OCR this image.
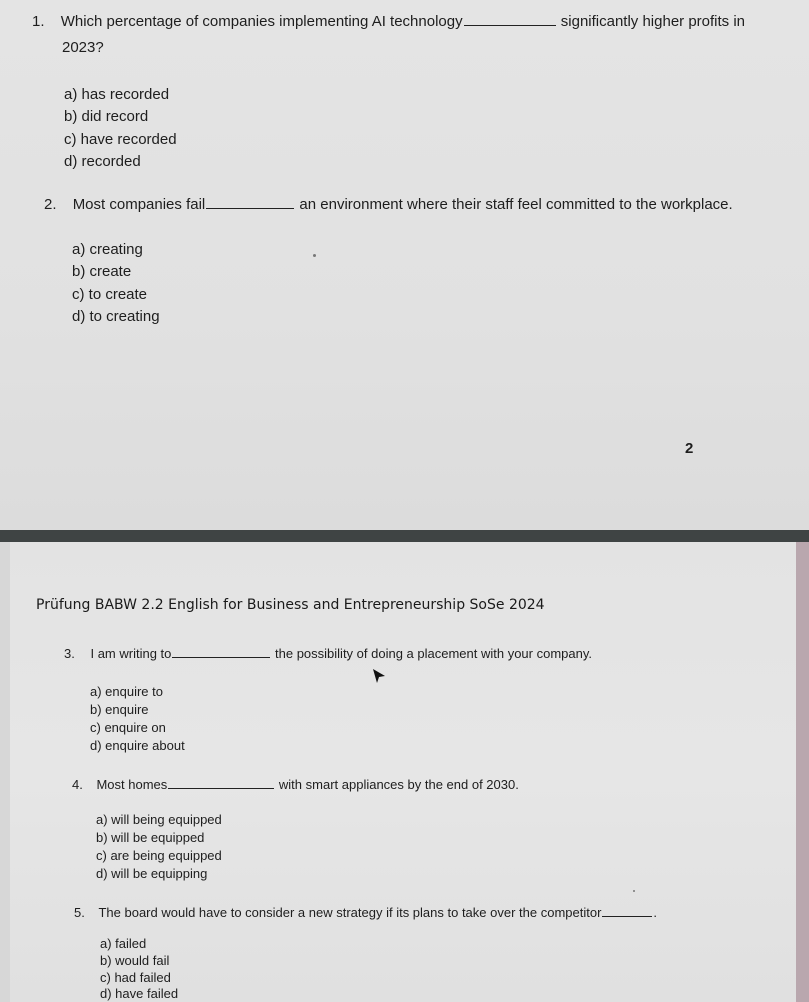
1. Which percentage of companies implementing AI technology	significantly higher profits in
2023?
a) has recorded
b) did record
c) have recorded
d) recorded
2. Most companies fail	an environment where their staff feel committed to the workplace.
a) creating
b) create
c) to create
d) to creating
2
Prüfung BABW 2.2 English for Business and Entrepreneurship SoSe 2024
3. I am writing to	the possibility of doing a placement with your company.
a) enquire to
b) enquire
c) enquire on
d) enquire about
4. Most homes	with smart appliances by the end of 2030.
a) will being equipped
b) will be equipped
c) are being equipped
d) will be equipping
5. The board would have to consider a new strategy if its plans to take over the competitor	.
a) failed
b) would fail
c) had failed
d) have failed
